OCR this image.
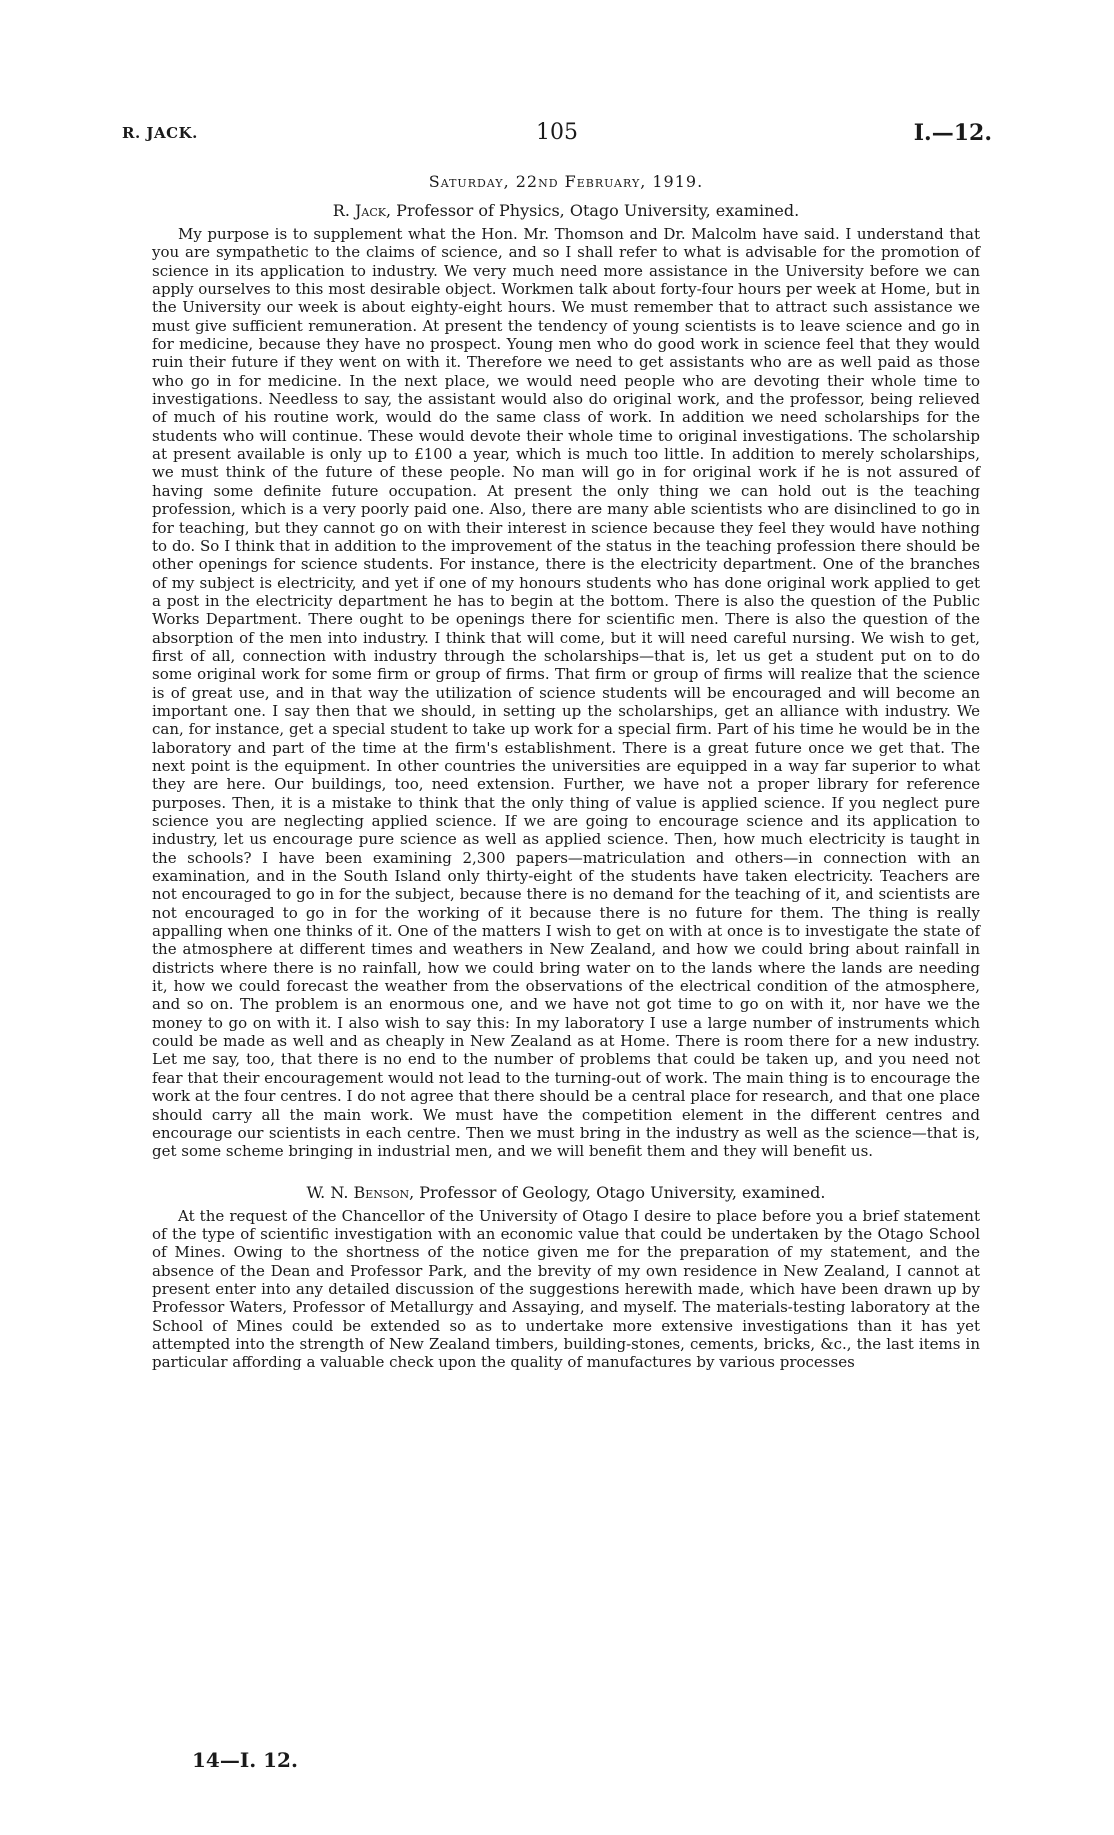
R. JACK.	105	I.—12.
Saturday, 22nd February, 1919.
R. Jack, Professor of Physics, Otago University, examined.

My purpose is to supplement what the Hon. Mr. Thomson and Dr. Malcolm have said. I understand that you are sympathetic to the claims of science, and so I shall refer to what is advisable for the promotion of science in its application to industry. We very much need more assistance in the University before we can apply ourselves to this most desirable object. Workmen talk about forty-four hours per week at Home, but in the University our week is about eighty-eight hours. We must remember that to attract such assistance we must give sufficient remuneration. At present the tendency of young scientists is to leave science and go in for medicine, because they have no prospect. Young men who do good work in science feel that they would ruin their future if they went on with it. Therefore we need to get assistants who are as well paid as those who go in for medicine. In the next place, we would need people who are devoting their whole time to investigations. Needless to say, the assistant would also do original work, and the professor, being relieved of much of his routine work, would do the same class of work. In addition we need scholarships for the students who will continue. These would devote their whole time to original investigations. The scholarship at present available is only up to £100 a year, which is much too little. In addition to merely scholarships, we must think of the future of these people. No man will go in for original work if he is not assured of having some definite future occupation. At present the only thing we can hold out is the teaching profession, which is a very poorly paid one. Also, there are many able scientists who are disinclined to go in for teaching, but they cannot go on with their interest in science because they feel they would have nothing to do. So I think that in addition to the improvement of the status in the teaching profession there should be other openings for science students. For instance, there is the electricity department. One of the branches of my subject is electricity, and yet if one of my honours students who has done original work applied to get a post in the electricity department he has to begin at the bottom. There is also the question of the Public Works Department. There ought to be openings there for scientific men. There is also the question of the absorption of the men into industry. I think that will come, but it will need careful nursing. We wish to get, first of all, connection with industry through the scholarships—that is, let us get a student put on to do some original work for some firm or group of firms. That firm or group of firms will realize that the science is of great use, and in that way the utilization of science students will be encouraged and will become an important one. I say then that we should, in setting up the scholarships, get an alliance with industry. We can, for instance, get a special student to take up work for a special firm. Part of his time he would be in the laboratory and part of the time at the firm's establishment. There is a great future once we get that. The next point is the equipment. In other countries the universities are equipped in a way far superior to what they are here. Our buildings, too, need extension. Further, we have not a proper library for reference purposes. Then, it is a mistake to think that the only thing of value is applied science. If you neglect pure science you are neglecting applied science. If we are going to encourage science and its application to industry, let us encourage pure science as well as applied science. Then, how much electricity is taught in the schools? I have been examining 2,300 papers—matriculation and others—in connection with an examination, and in the South Island only thirty-eight of the students have taken electricity. Teachers are not encouraged to go in for the subject, because there is no demand for the teaching of it, and scientists are not encouraged to go in for the working of it because there is no future for them. The thing is really appalling when one thinks of it. One of the matters I wish to get on with at once is to investigate the state of the atmosphere at different times and weathers in New Zealand, and how we could bring about rainfall in districts where there is no rainfall, how we could bring water on to the lands where the lands are needing it, how we could forecast the weather from the observations of the electrical condition of the atmosphere, and so on. The problem is an enormous one, and we have not got time to go on with it, nor have we the money to go on with it. I also wish to say this: In my laboratory I use a large number of instruments which could be made as well and as cheaply in New Zealand as at Home. There is room there for a new industry. Let me say, too, that there is no end to the number of problems that could be taken up, and you need not fear that their encouragement would not lead to the turning-out of work. The main thing is to encourage the work at the four centres. I do not agree that there should be a central place for research, and that one place should carry all the main work. We must have the competition element in the different centres and encourage our scientists in each centre. Then we must bring in the industry as well as the science—that is, get some scheme bringing in industrial men, and we will benefit them and they will benefit us.

W. N. Benson, Professor of Geology, Otago University, examined.

At the request of the Chancellor of the University of Otago I desire to place before you a brief statement of the type of scientific investigation with an economic value that could be undertaken by the Otago School of Mines. Owing to the shortness of the notice given me for the preparation of my statement, and the absence of the Dean and Professor Park, and the brevity of my own residence in New Zealand, I cannot at present enter into any detailed discussion of the suggestions herewith made, which have been drawn up by Professor Waters, Professor of Metallurgy and Assaying, and myself. The materials-testing laboratory at the School of Mines could be extended so as to undertake more extensive investigations than it has yet attempted into the strength of New Zealand timbers, building-stones, cements, bricks, &c., the last items in particular affording a valuable check upon the quality of manufactures by various processes

14—I. 12.
